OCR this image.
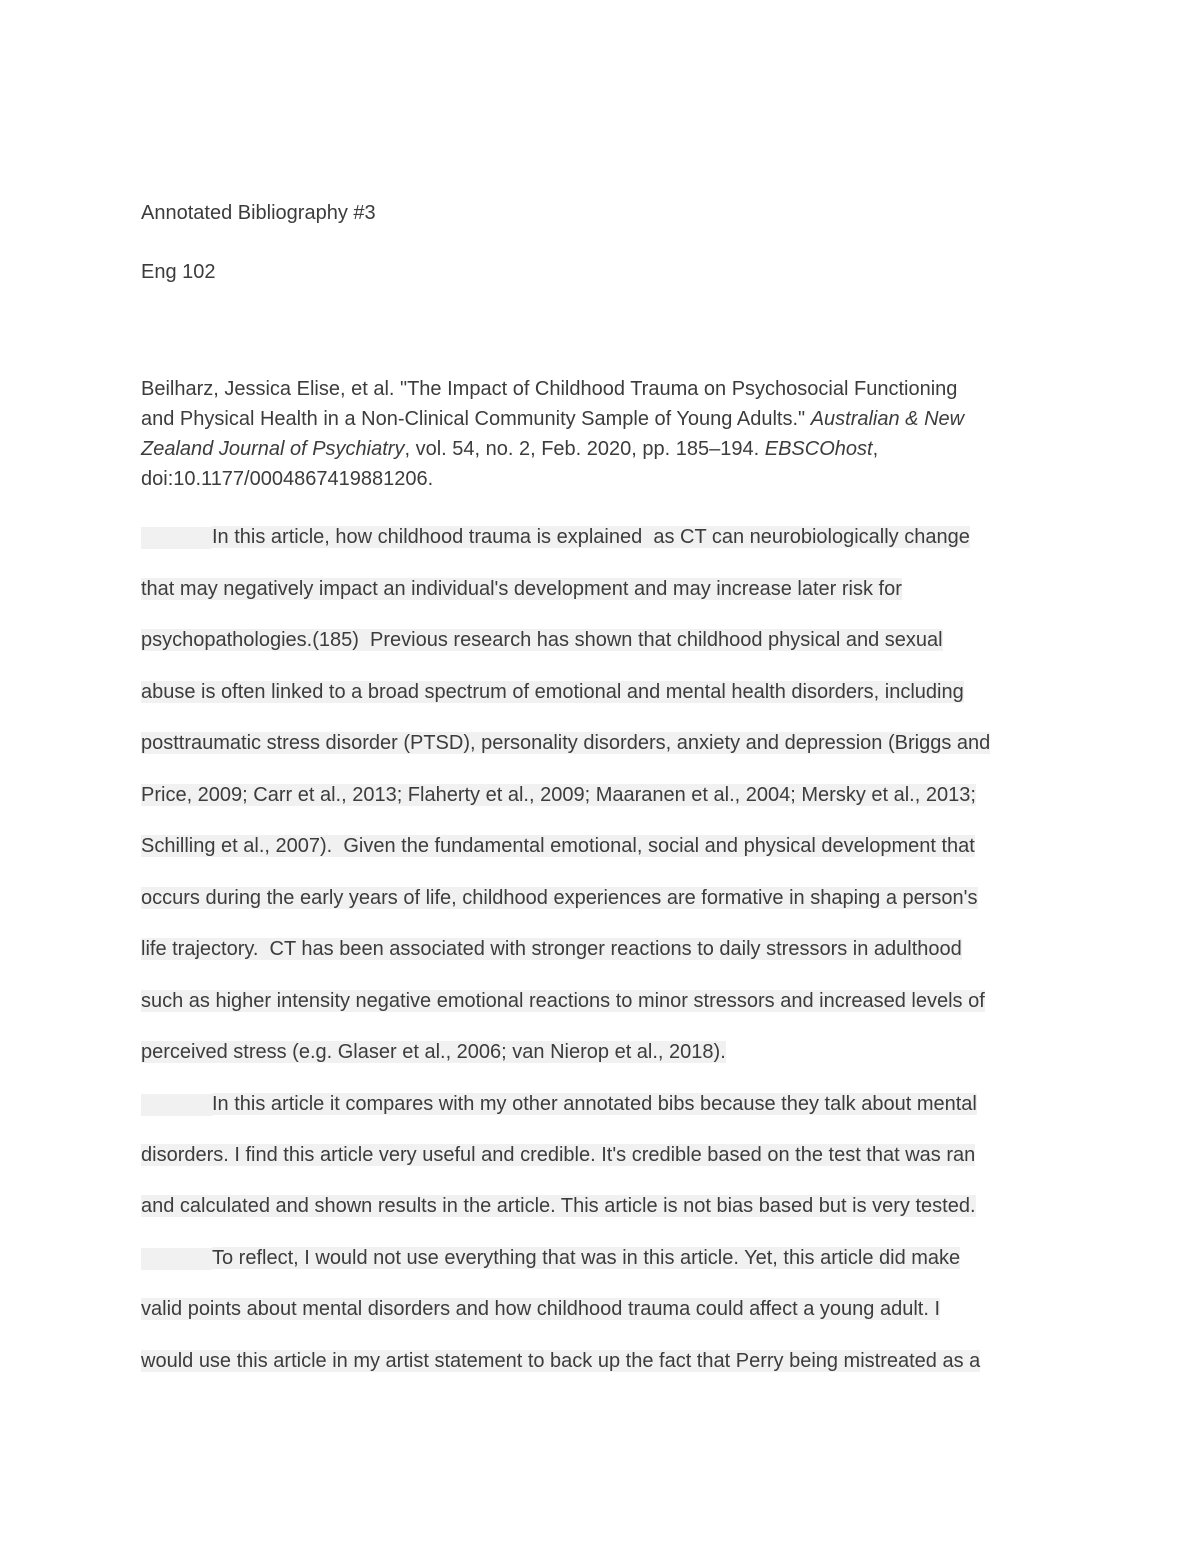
Annotated Bibliography #3
Eng 102
Beilharz, Jessica Elise, et al. "The Impact of Childhood Trauma on Psychosocial Functioning
and Physical Health in a Non-Clinical Community Sample of Young Adults." Australian & New
Zealand Journal of Psychiatry, vol. 54, no. 2, Feb. 2020, pp. 185–194. EBSCOhost,
doi:10.1177/0004867419881206.
In this article, how childhood trauma is explained  as CT can neurobiologically change
that may negatively impact an individual's development and may increase later risk for
psychopathologies.(185)  Previous research has shown that childhood physical and sexual
abuse is often linked to a broad spectrum of emotional and mental health disorders, including
posttraumatic stress disorder (PTSD), personality disorders, anxiety and depression (Briggs and
Price, 2009; Carr et al., 2013; Flaherty et al., 2009; Maaranen et al., 2004; Mersky et al., 2013;
Schilling et al., 2007).  Given the fundamental emotional, social and physical development that
occurs during the early years of life, childhood experiences are formative in shaping a person's
life trajectory.  CT has been associated with stronger reactions to daily stressors in adulthood
such as higher intensity negative emotional reactions to minor stressors and increased levels of
perceived stress (e.g. Glaser et al., 2006; van Nierop et al., 2018).
In this article it compares with my other annotated bibs because they talk about mental
disorders. I find this article very useful and credible. It's credible based on the test that was ran
and calculated and shown results in the article. This article is not bias based but is very tested.
To reflect, I would not use everything that was in this article. Yet, this article did make
valid points about mental disorders and how childhood trauma could affect a young adult. I
would use this article in my artist statement to back up the fact that Perry being mistreated as a
